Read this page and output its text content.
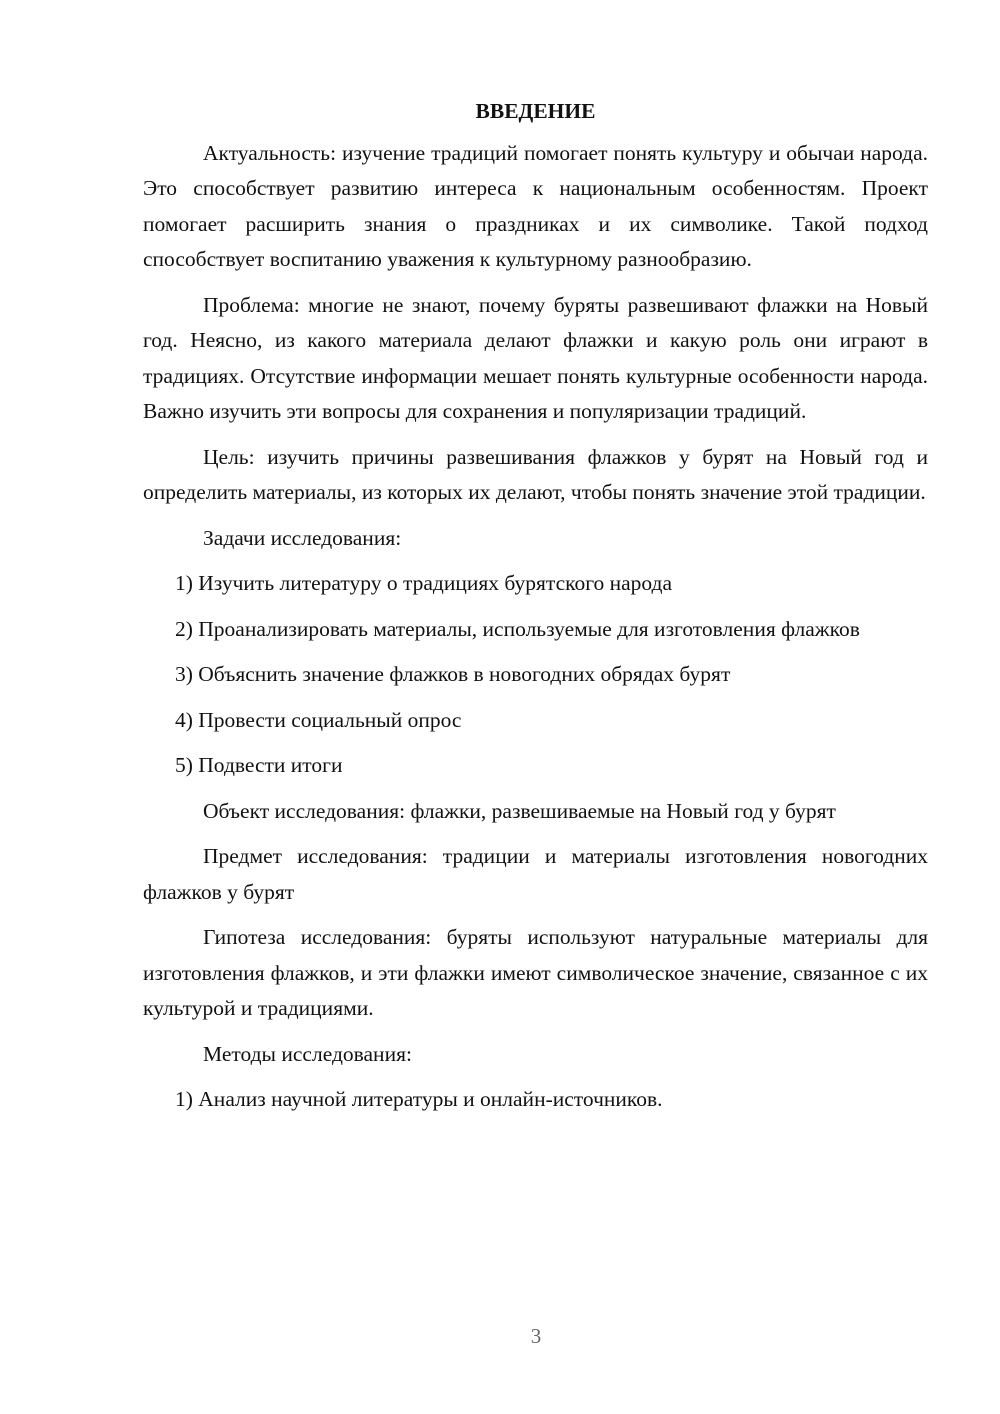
ВВЕДЕНИЕ

Актуальность: изучение традиций помогает понять культуру и обычаи народа. Это способствует развитию интереса к национальным особенностям. Проект помогает расширить знания о праздниках и их символике. Такой подход способствует воспитанию уважения к культурному разнообразию.

Проблема: многие не знают, почему буряты развешивают флажки на Новый год. Неясно, из какого материала делают флажки и какую роль они играют в традициях. Отсутствие информации мешает понять культурные особенности народа. Важно изучить эти вопросы для сохранения и популяризации традиций.

Цель: изучить причины развешивания флажков у бурят на Новый год и определить материалы, из которых их делают, чтобы понять значение этой традиции.

Задачи исследования:

1) Изучить литературу о традициях бурятского народа

2) Проанализировать материалы, используемые для изготовления флажков

3) Объяснить значение флажков в новогодних обрядах бурят

4) Провести социальный опрос

5) Подвести итоги

Объект исследования: флажки, развешиваемые на Новый год у бурят

Предмет исследования: традиции и материалы изготовления новогодних флажков у бурят

Гипотеза исследования: буряты используют натуральные материалы для изготовления флажков, и эти флажки имеют символическое значение, связанное с их культурой и традициями.

Методы исследования:

1) Анализ научной литературы и онлайн-источников.

3
